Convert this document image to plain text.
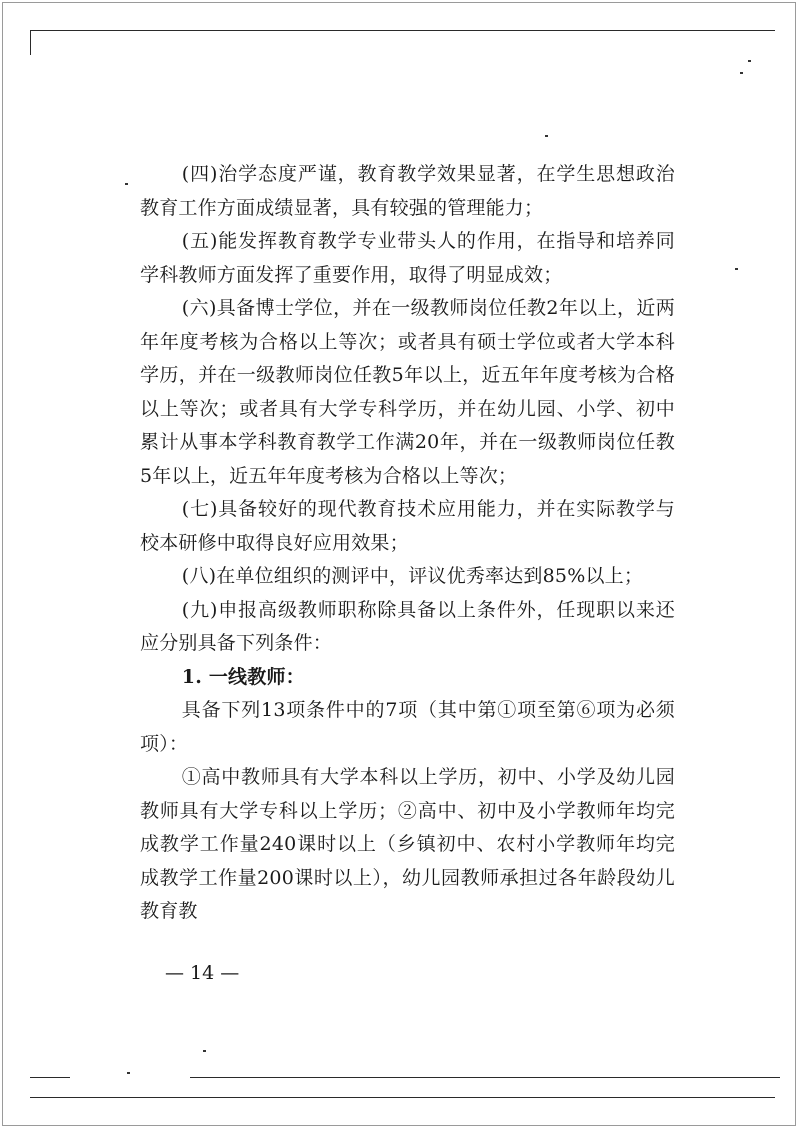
(四)治学态度严谨，教育教学效果显著，在学生思想政治教育工作方面成绩显著，具有较强的管理能力；

(五)能发挥教育教学专业带头人的作用，在指导和培养同学科教师方面发挥了重要作用，取得了明显成效；

(六)具备博士学位，并在一级教师岗位任教2年以上，近两年年度考核为合格以上等次；或者具有硕士学位或者大学本科学历，并在一级教师岗位任教5年以上，近五年年度考核为合格以上等次；或者具有大学专科学历，并在幼儿园、小学、初中累计从事本学科教育教学工作满20年，并在一级教师岗位任教5年以上，近五年年度考核为合格以上等次；

(七)具备较好的现代教育技术应用能力，并在实际教学与校本研修中取得良好应用效果；

(八)在单位组织的测评中，评议优秀率达到85%以上；

(九)申报高级教师职称除具备以上条件外，任现职以来还应分别具备下列条件：

1. 一线教师：

具备下列13项条件中的7项（其中第①项至第⑥项为必须项）：

①高中教师具有大学本科以上学历，初中、小学及幼儿园教师具有大学专科以上学历；②高中、初中及小学教师年均完成教学工作量240课时以上（乡镇初中、农村小学教师年均完成教学工作量200课时以上），幼儿园教师承担过各年龄段幼儿教育教

— 14 —
